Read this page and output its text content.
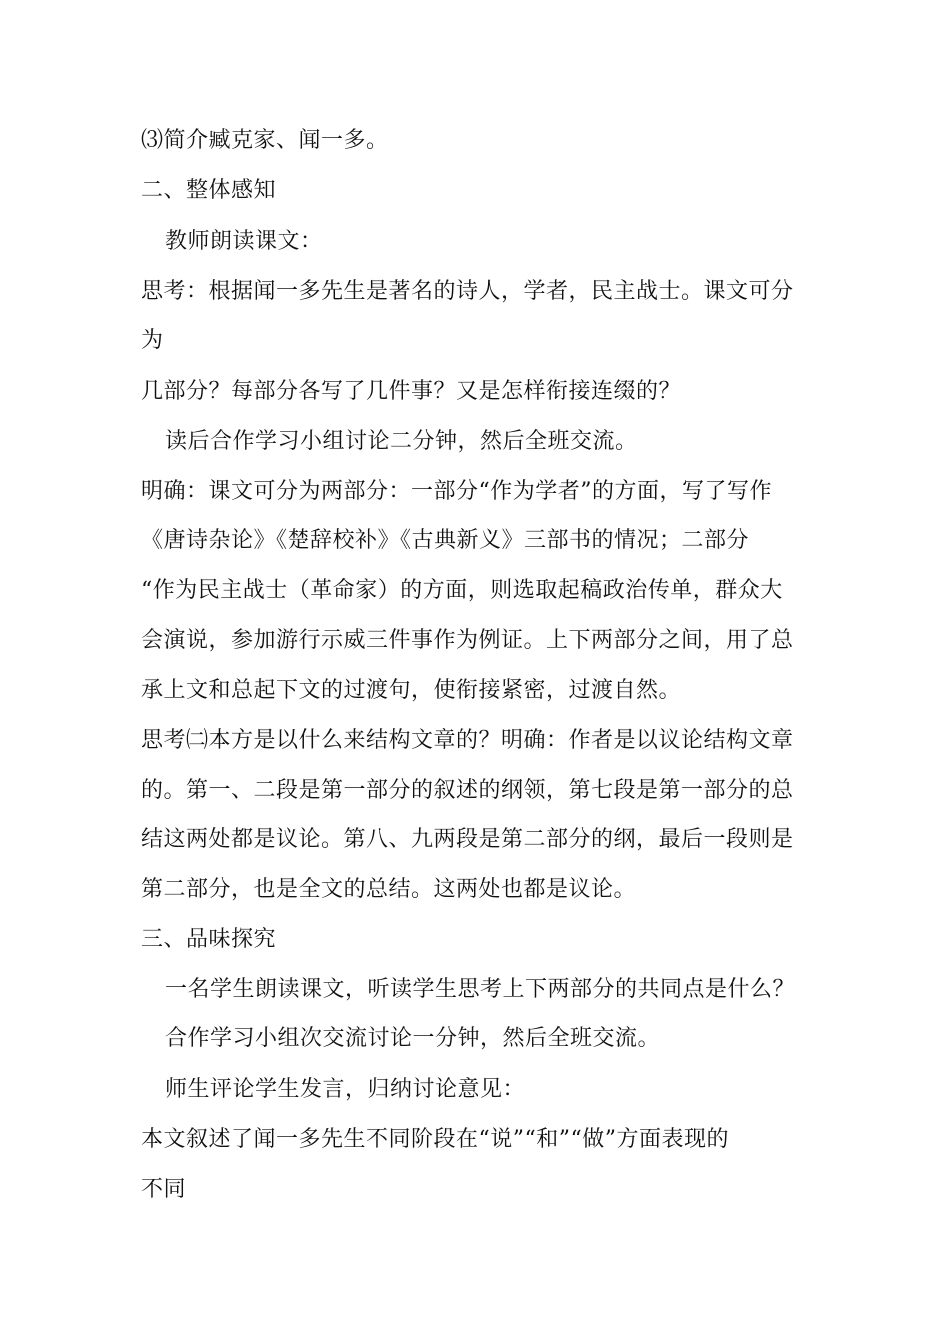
⑶简介臧克家、闻一多。
二、整体感知
教师朗读课文：
思考：根据闻一多先生是著名的诗人，学者，民主战士。课文可分
为
几部分？每部分各写了几件事？又是怎样衔接连缀的？
读后合作学习小组讨论二分钟，然后全班交流。
明确：课文可分为两部分：一部分“作为学者”的方面，写了写作
《唐诗杂论》《楚辞校补》《古典新义》三部书的情况；二部分
“作为民主战士（革命家）的方面，则选取起稿政治传单，群众大
会演说，参加游行示威三件事作为例证。上下两部分之间，用了总
承上文和总起下文的过渡句，使衔接紧密，过渡自然。
思考㈡本方是以什么来结构文章的？明确：作者是以议论结构文章
的。第一、二段是第一部分的叙述的纲领，第七段是第一部分的总
结这两处都是议论。第八、九两段是第二部分的纲，最后一段则是
第二部分，也是全文的总结。这两处也都是议论。
三、品味探究
一名学生朗读课文，听读学生思考上下两部分的共同点是什么？
合作学习小组次交流讨论一分钟，然后全班交流。
师生评论学生发言，归纳讨论意见：
本文叙述了闻一多先生不同阶段在“说”“和”“做”方面表现的
不同
